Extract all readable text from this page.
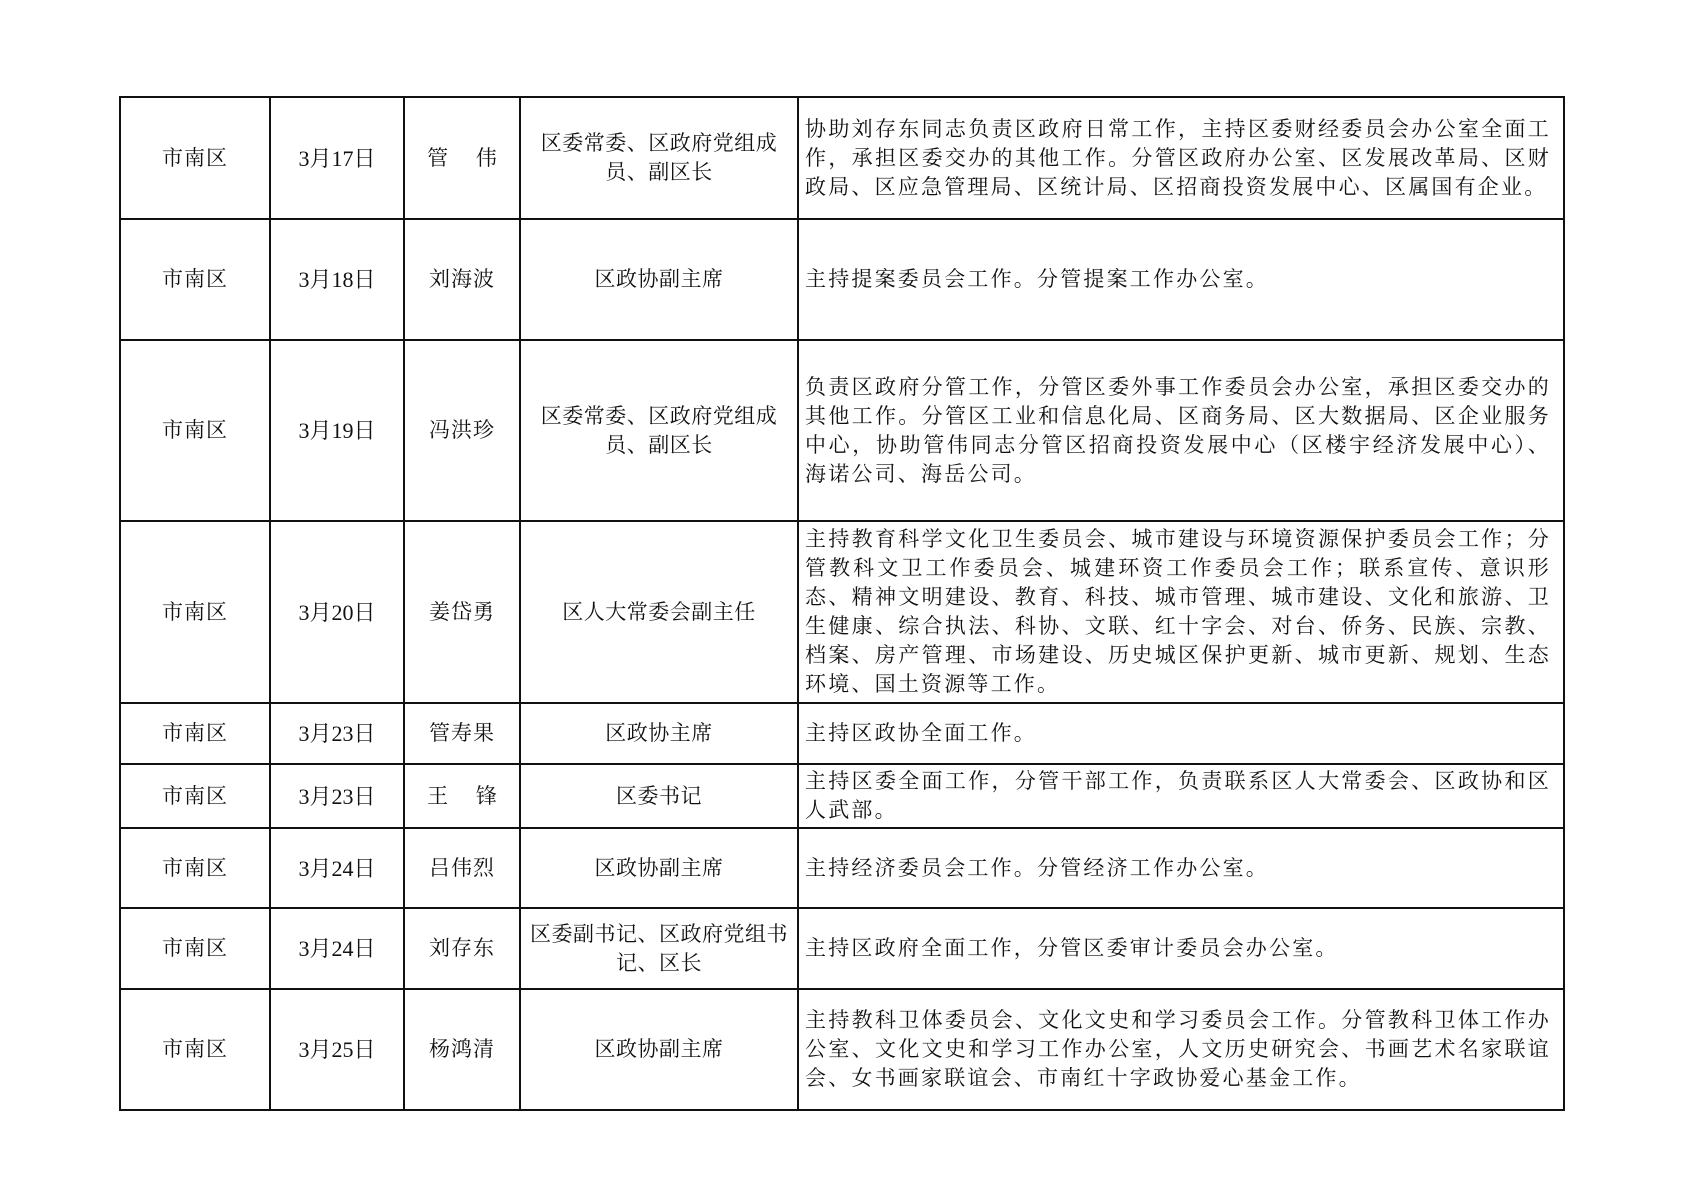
市南区	3月17日	管　 伟	区委常委、区政府党组成员、副区长	协助刘存东同志负责区政府日常工作，主持区委财经委员会办公室全面工作，承担区委交办的其他工作。分管区政府办公室、区发展改革局、区财政局、区应急管理局、区统计局、区招商投资发展中心、区属国有企业。
市南区	3月18日	刘海波	区政协副主席	主持提案委员会工作。分管提案工作办公室。
市南区	3月19日	冯洪珍	区委常委、区政府党组成员、副区长	负责区政府分管工作，分管区委外事工作委员会办公室，承担区委交办的其他工作。分管区工业和信息化局、区商务局、区大数据局、区企业服务中心，协助管伟同志分管区招商投资发展中心（区楼宇经济发展中心）、海诺公司、海岳公司。
市南区	3月20日	姜岱勇	区人大常委会副主任	主持教育科学文化卫生委员会、城市建设与环境资源保护委员会工作；分管教科文卫工作委员会、城建环资工作委员会工作；联系宣传、意识形态、精神文明建设、教育、科技、城市管理、城市建设、文化和旅游、卫生健康、综合执法、科协、文联、红十字会、对台、侨务、民族、宗教、档案、房产管理、市场建设、历史城区保护更新、城市更新、规划、生态环境、国土资源等工作。
市南区	3月23日	管寿果	区政协主席	主持区政协全面工作。
市南区	3月23日	王　 锋	区委书记	主持区委全面工作，分管干部工作，负责联系区人大常委会、区政协和区人武部。
市南区	3月24日	吕伟烈	区政协副主席	主持经济委员会工作。分管经济工作办公室。
市南区	3月24日	刘存东	区委副书记、区政府党组书记、区长	主持区政府全面工作，分管区委审计委员会办公室。
市南区	3月25日	杨鸿清	区政协副主席	主持教科卫体委员会、文化文史和学习委员会工作。分管教科卫体工作办公室、文化文史和学习工作办公室，人文历史研究会、书画艺术名家联谊会、女书画家联谊会、市南红十字政协爱心基金工作。
